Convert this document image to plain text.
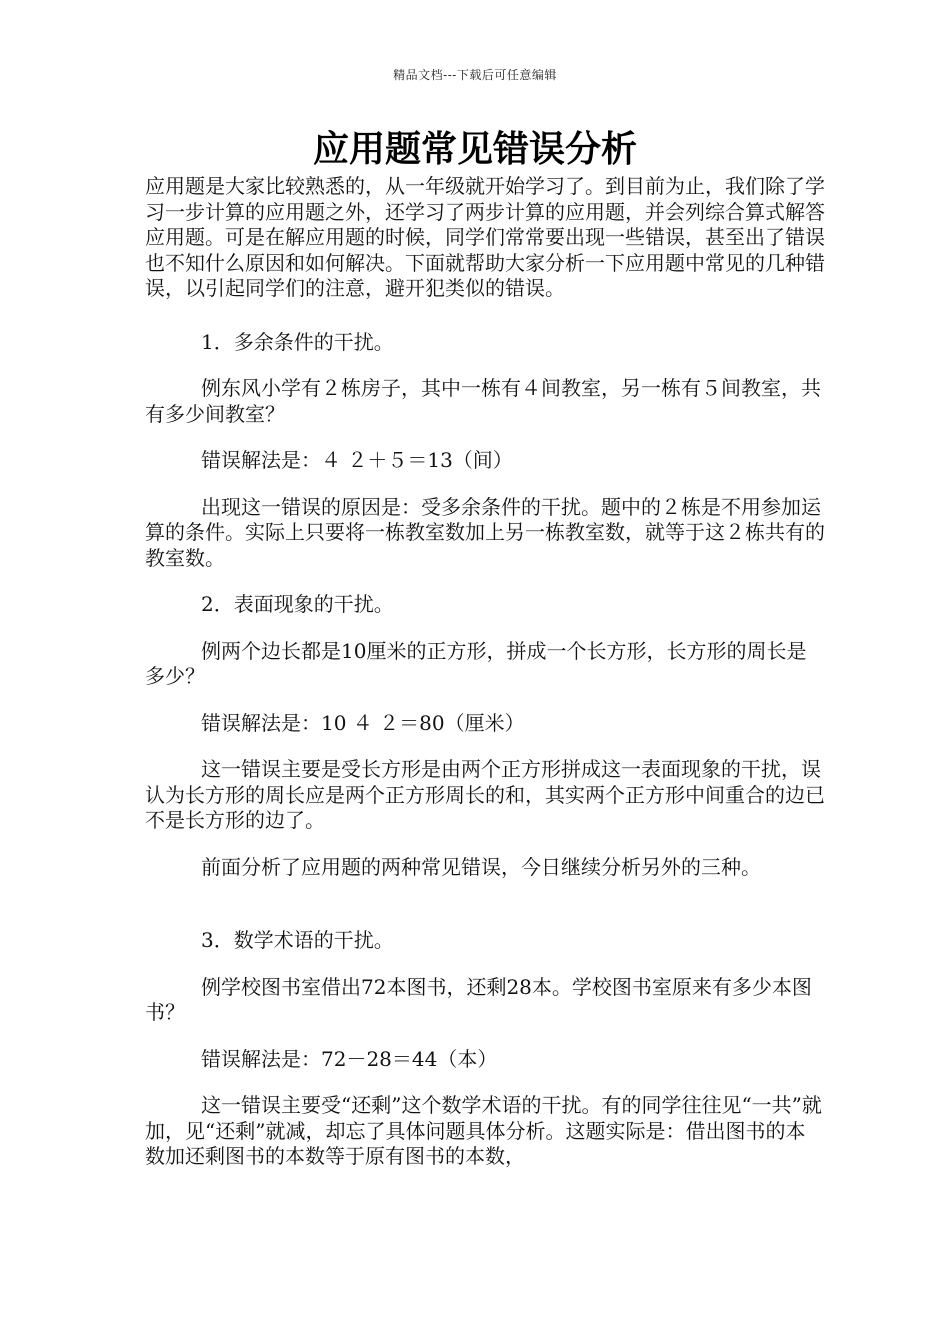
精品文档---下载后可任意编辑
应用题常见错误分析

应用题是大家比较熟悉的，从一年级就开始学习了。到目前为止，我们除了学习一步计算的应用题之外，还学习了两步计算的应用题，并会列综合算式解答应用题。可是在解应用题的时候，同学们常常要出现一些错误，甚至出了错误也不知什么原因和如何解决。下面就帮助大家分析一下应用题中常见的几种错误，以引起同学们的注意，避开犯类似的错误。

1．多余条件的干扰。

例东风小学有２栋房子，其中一栋有４间教室，另一栋有５间教室，共有多少间教室？

错误解法是：４ ２＋５＝13（间）

出现这一错误的原因是：受多余条件的干扰。题中的２栋是不用参加运算的条件。实际上只要将一栋教室数加上另一栋教室数，就等于这２栋共有的教室数。

2．表面现象的干扰。

例两个边长都是10厘米的正方形，拼成一个长方形，长方形的周长是多少？

错误解法是：10 ４ ２＝80（厘米）

这一错误主要是受长方形是由两个正方形拼成这一表面现象的干扰，误认为长方形的周长应是两个正方形周长的和，其实两个正方形中间重合的边已不是长方形的边了。

前面分析了应用题的两种常见错误，今日继续分析另外的三种。

3．数学术语的干扰。

例学校图书室借出72本图书，还剩28本。学校图书室原来有多少本图书？

错误解法是：72－28＝44（本）

这一错误主要受“还剩”这个数学术语的干扰。有的同学往往见“一共”就加，见“还剩”就减，却忘了具体问题具体分析。这题实际是：借出图书的本数加还剩图书的本数等于原有图书的本数，
